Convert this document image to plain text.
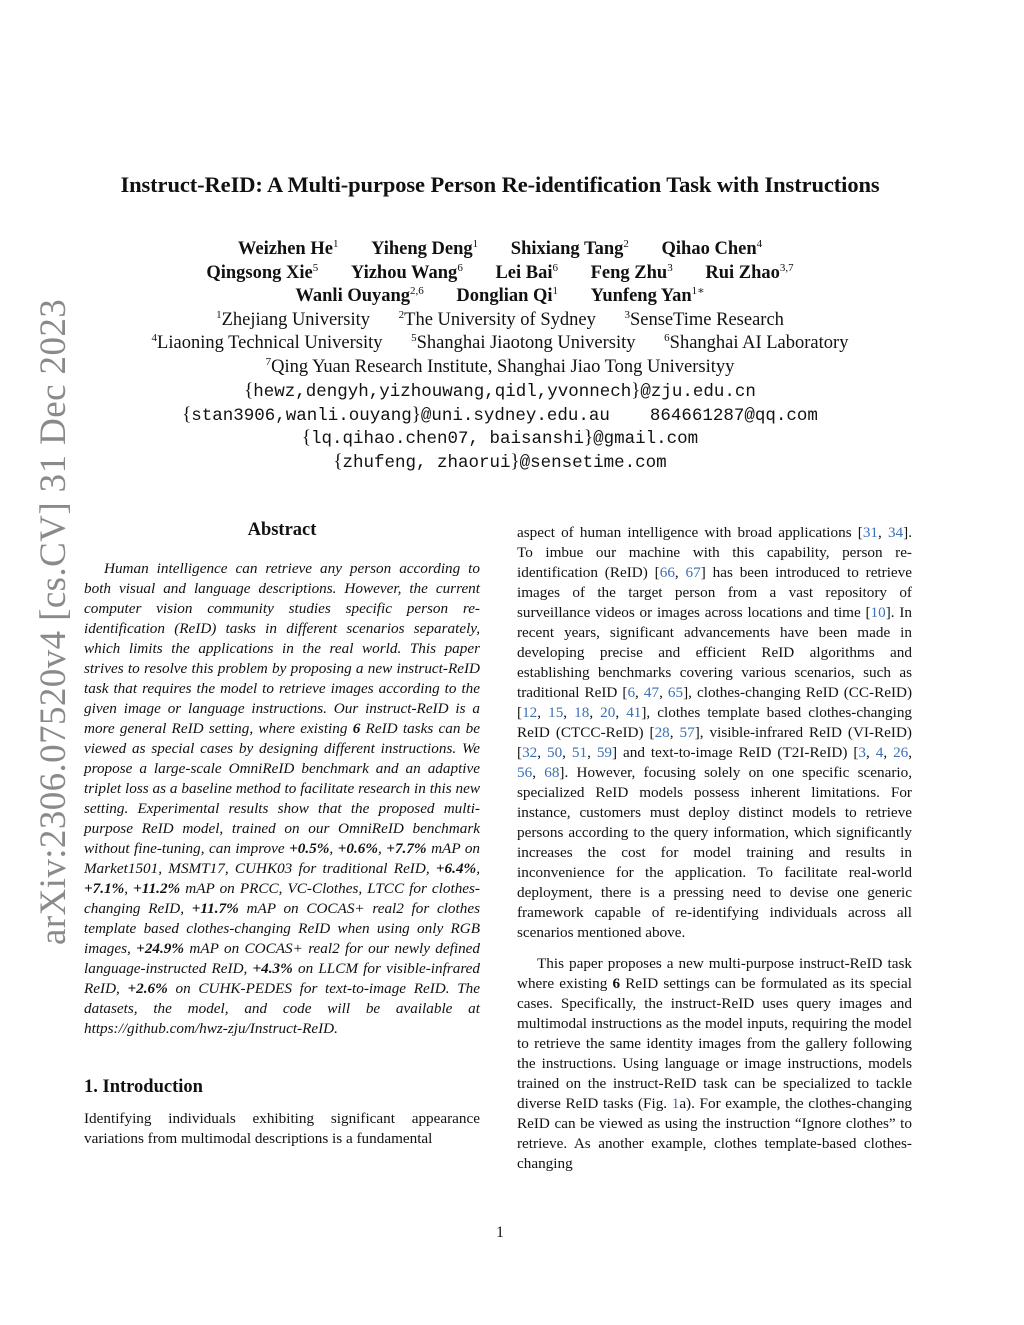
arXiv:2306.07520v4 [cs.CV] 31 Dec 2023
Instruct-ReID: A Multi-purpose Person Re-identification Task with Instructions
Weizhen He$^1$ Yiheng Deng$^1$ Shixiang Tang$^2$ Qihao Chen$^4$
Qingsong Xie$^5$ Yizhou Wang$^6$ Lei Bai$^6$ Feng Zhu$^3$ Rui Zhao$^{3,7}$
Wanli Ouyang$^{2,6}$ Donglian Qi$^1$ Yunfeng Yan$^{1∗}$
$^1$Zhejiang University	$^2$The University of Sydney	$^3$SenseTime Research
$^4$Liaoning Technical University	$^5$Shanghai Jiaotong University	$^6$Shanghai AI Laboratory
$^7$Qing Yuan Research Institute, Shanghai Jiao Tong Universityy
{hewz,dengyh,yizhouwang,qidl,yvonnech}@zju.edu.cn
{stan3906,wanli.ouyang}@uni.sydney.edu.au 864661287@qq.com
{lq.qihao.chen07, baisanshi}@gmail.com
{zhufeng, zhaorui}@sensetime.com
Abstract
Human intelligence can retrieve any person according to both visual and language descriptions. However, the current computer vision community studies specific person re-identification (ReID) tasks in different scenarios separately, which limits the applications in the real world. This paper strives to resolve this problem by proposing a new instruct-ReID task that requires the model to retrieve images according to the given image or language instructions. Our instruct-ReID is a more general ReID setting, where existing 6 ReID tasks can be viewed as special cases by designing different instructions. We propose a large-scale OmniReID benchmark and an adaptive triplet loss as a baseline method to facilitate research in this new setting. Experimental results show that the proposed multi-purpose ReID model, trained on our OmniReID benchmark without fine-tuning, can improve +0.5%, +0.6%, +7.7% mAP on Market1501, MSMT17, CUHK03 for traditional ReID, +6.4%, +7.1%, +11.2% mAP on PRCC, VC-Clothes, LTCC for clothes-changing ReID, +11.7% mAP on COCAS+ real2 for clothes template based clothes-changing ReID when using only RGB images, +24.9% mAP on COCAS+ real2 for our newly defined language-instructed ReID, +4.3% on LLCM for visible-infrared ReID, +2.6% on CUHK-PEDES for text-to-image ReID. The datasets, the model, and code will be available at https://github.com/hwz-zju/Instruct-ReID.
1. Introduction
Identifying individuals exhibiting significant appearance variations from multimodal descriptions is a fundamental
aspect of human intelligence with broad applications [31, 34]. To imbue our machine with this capability, person re-identification (ReID) [66, 67] has been introduced to retrieve images of the target person from a vast repository of surveillance videos or images across locations and time [10]. In recent years, significant advancements have been made in developing precise and efficient ReID algorithms and establishing benchmarks covering various scenarios, such as traditional ReID [6, 47, 65], clothes-changing ReID (CC-ReID) [12, 15, 18, 20, 41], clothes template based clothes-changing ReID (CTCC-ReID) [28, 57], visible-infrared ReID (VI-ReID) [32, 50, 51, 59] and text-to-image ReID (T2I-ReID) [3, 4, 26, 56, 68]. However, focusing solely on one specific scenario, specialized ReID models possess inherent limitations. For instance, customers must deploy distinct models to retrieve persons according to the query information, which significantly increases the cost for model training and results in inconvenience for the application. To facilitate real-world deployment, there is a pressing need to devise one generic framework capable of re-identifying individuals across all scenarios mentioned above.
This paper proposes a new multi-purpose instruct-ReID task where existing 6 ReID settings can be formulated as its special cases. Specifically, the instruct-ReID uses query images and multimodal instructions as the model inputs, requiring the model to retrieve the same identity images from the gallery following the instructions. Using language or image instructions, models trained on the instruct-ReID task can be specialized to tackle diverse ReID tasks (Fig. 1a). For example, the clothes-changing ReID can be viewed as using the instruction “Ignore clothes” to retrieve. As another example, clothes template-based clothes-changing
1
